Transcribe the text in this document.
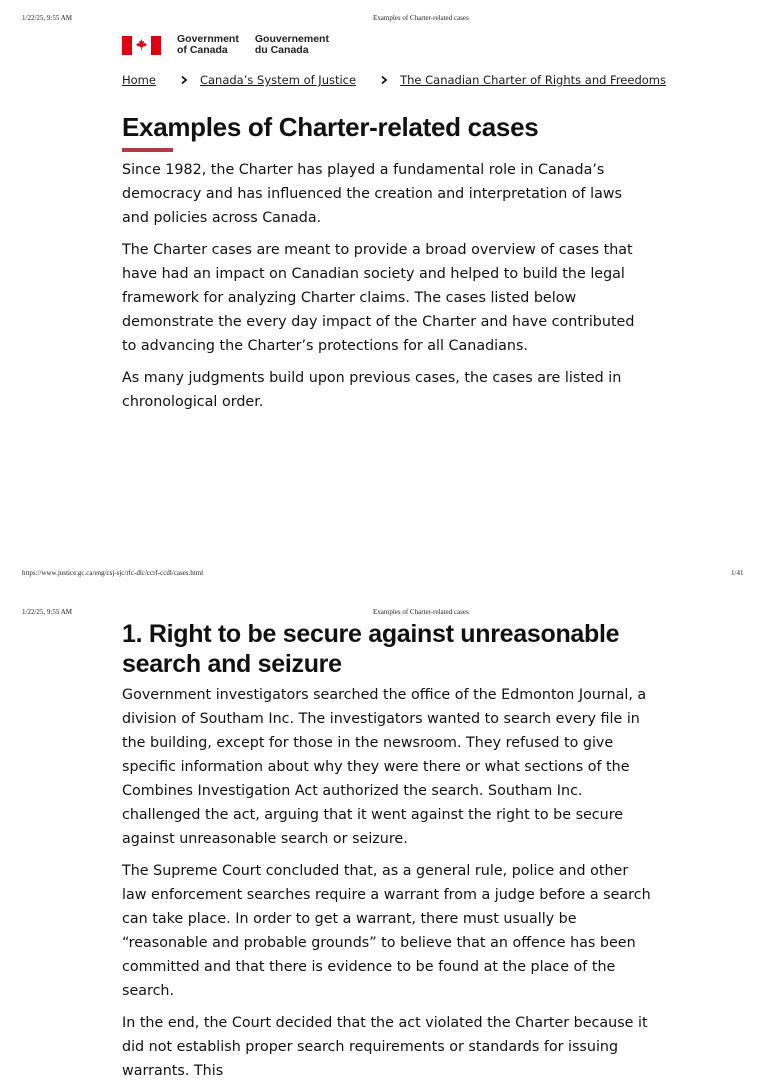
1/22/25, 9:55 AM	Examples of Charter-related cases
Government
of Canada
Gouvernement
du Canada
Home	Canada’s System of Justice	The Canadian Charter of Rights and Freedoms
Examples of Charter-related cases

Since 1982, the Charter has played a fundamental role in Canada’s democracy and has influenced the creation and interpretation of laws and policies across Canada.

The Charter cases are meant to provide a broad overview of cases that have had an impact on Canadian society and helped to build the legal framework for analyzing Charter claims. The cases listed below demonstrate the every day impact of the Charter and have contributed to advancing the Charter’s protections for all Canadians.

As many judgments build upon previous cases, the cases are listed in chronological order.

https://www.justice.gc.ca/eng/csj-sjc/rfc-dlc/ccrf-ccdl/cases.html	1/41
1/22/25, 9:55 AM	Examples of Charter-related cases
1. Right to be secure against unreasonable search and seizure

Government investigators searched the office of the Edmonton Journal, a division of Southam Inc. The investigators wanted to search every file in the building, except for those in the newsroom. They refused to give specific information about why they were there or what sections of the Combines Investigation Act authorized the search. Southam Inc. challenged the act, arguing that it went against the right to be secure against unreasonable search or seizure.

The Supreme Court concluded that, as a general rule, police and other law enforcement searches require a warrant from a judge before a search can take place. In order to get a warrant, there must usually be “reasonable and probable grounds” to believe that an offence has been committed and that there is evidence to be found at the place of the search.

In the end, the Court decided that the act violated the Charter because it did not establish proper search requirements or standards for issuing warrants. This
